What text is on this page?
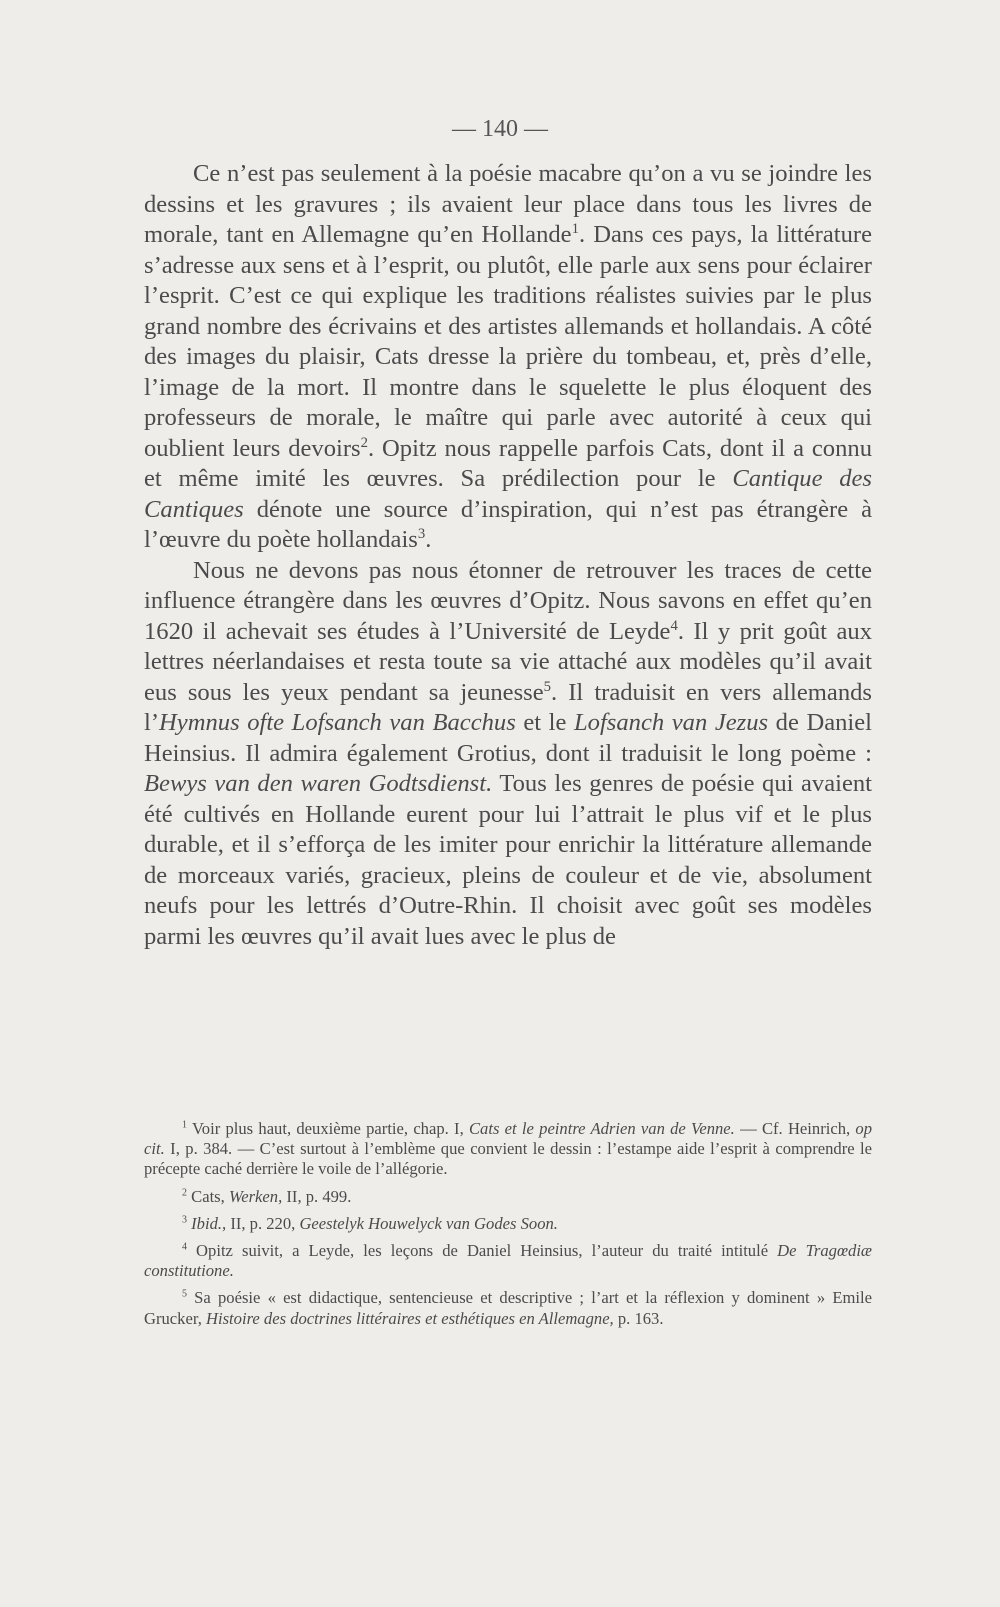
— 140 —

Ce n’est pas seulement à la poésie macabre qu’on a vu se joindre les dessins et les gravures ; ils avaient leur place dans tous les livres de morale, tant en Allemagne qu’en Hollande$^1$. Dans ces pays, la littérature s’adresse aux sens et à l’esprit, ou plutôt, elle parle aux sens pour éclairer l’esprit. C’est ce qui explique les traditions réalistes suivies par le plus grand nombre des écrivains et des artistes allemands et hollandais. A côté des images du plaisir, Cats dresse la prière du tombeau, et, près d’elle, l’image de la mort. Il montre dans le squelette le plus éloquent des professeurs de morale, le maître qui parle avec autorité à ceux qui oublient leurs devoirs$^2$. Opitz nous rappelle parfois Cats, dont il a connu et même imité les œuvres. Sa prédilection pour le Cantique des Cantiques dénote une source d’inspiration, qui n’est pas étrangère à l’œuvre du poète hollandais$^3$.

Nous ne devons pas nous étonner de retrouver les traces de cette influence étrangère dans les œuvres d’Opitz. Nous savons en effet qu’en 1620 il achevait ses études à l’Université de Leyde$^4$. Il y prit goût aux lettres néerlandaises et resta toute sa vie attaché aux modèles qu’il avait eus sous les yeux pendant sa jeunesse$^5$. Il traduisit en vers allemands l’Hymnus ofte Lofsanch van Bacchus et le Lofsanch van Jezus de Daniel Heinsius. Il admira également Grotius, dont il traduisit le long poème : Bewys van den waren Godtsdienst. Tous les genres de poésie qui avaient été cultivés en Hollande eurent pour lui l’attrait le plus vif et le plus durable, et il s’efforça de les imiter pour enrichir la littérature allemande de morceaux variés, gracieux, pleins de couleur et de vie, absolument neufs pour les lettrés d’Outre-Rhin. Il choisit avec goût ses modèles parmi les œuvres qu’il avait lues avec le plus de

$^1$ Voir plus haut, deuxième partie, chap. I, Cats et le peintre Adrien van de Venne. — Cf. Heinrich, op cit. I, p. 384. — C’est surtout à l’emblème que convient le dessin : l’estampe aide l’esprit à comprendre le précepte caché derrière le voile de l’allégorie.

$^2$ Cats, Werken, II, p. 499.

$^3$ Ibid., II, p. 220, Geestelyk Houwelyck van Godes Soon.

$^4$ Opitz suivit, a Leyde, les leçons de Daniel Heinsius, l’auteur du traité intitulé De Tragœdiæ constitutione.

$^5$ Sa poésie « est didactique, sentencieuse et descriptive ; l’art et la réflexion y dominent » Emile Grucker, Histoire des doctrines littéraires et esthétiques en Allemagne, p. 163.
